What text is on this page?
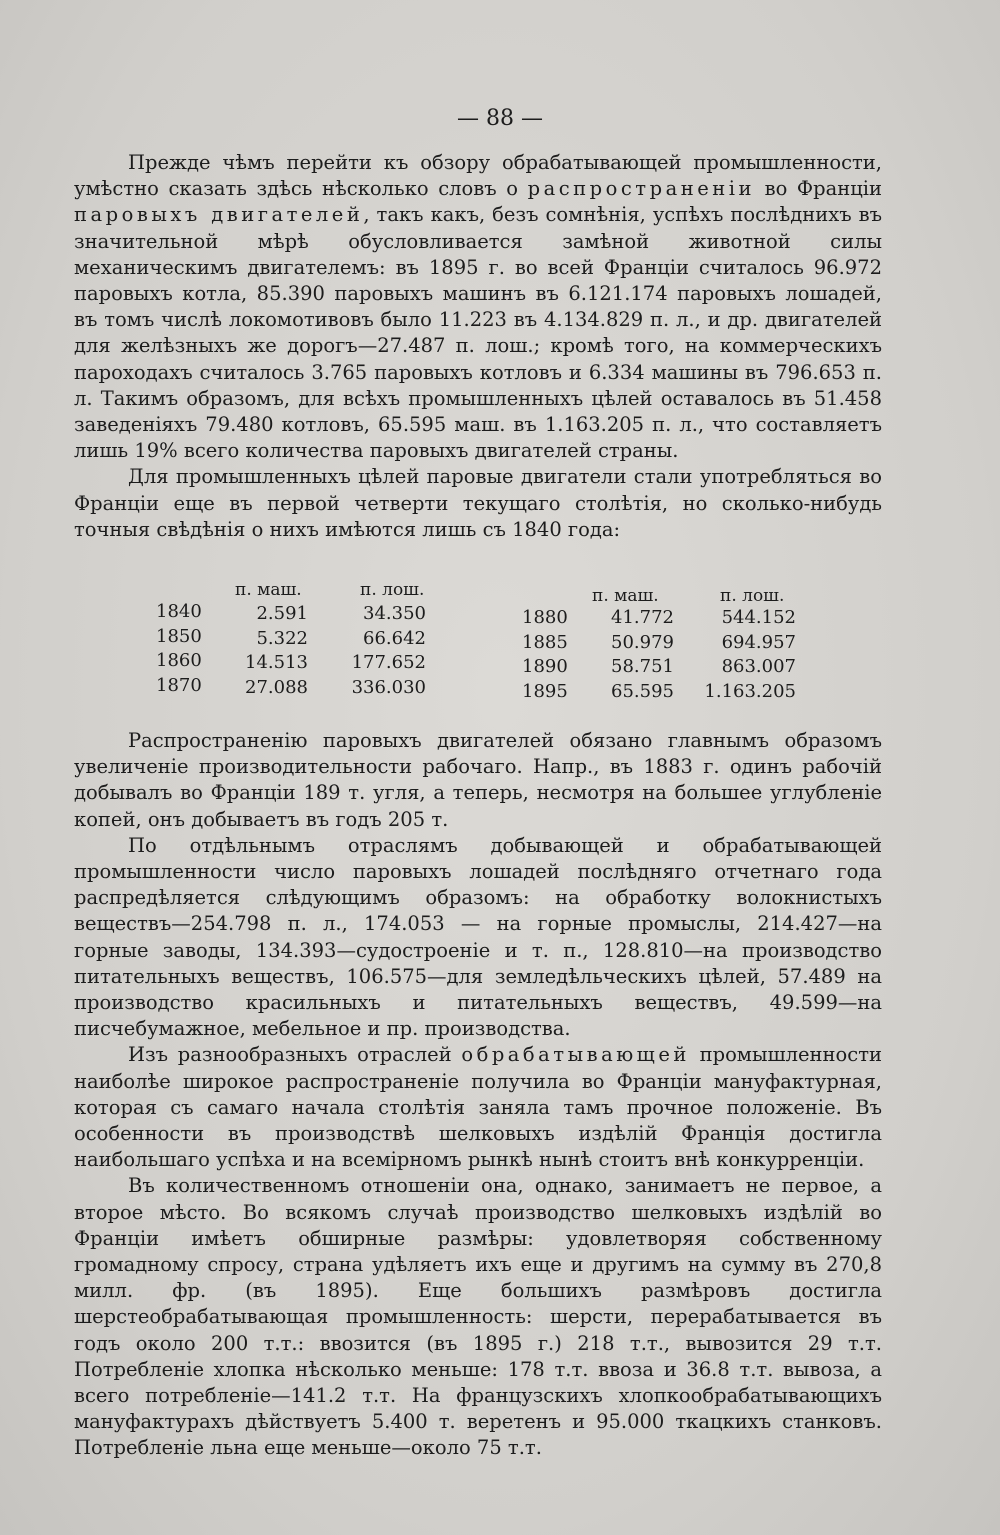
— 88 —

Прежде чѣмъ перейти къ обзору обрабатывающей промышленности, умѣстно сказать здѣсь нѣсколько словъ о распространенiи во Францiи паровыхъ двигателей, такъ какъ, безъ сомнѣнія, успѣхъ послѣднихъ въ значительной мѣрѣ обусловливается замѣной животной силы механическимъ двигателемъ: въ 1895 г. во всей Франціи считалось 96.972 паровыхъ котла, 85.390 паровыхъ машинъ въ 6.121.174 паровыхъ лошадей, въ томъ числѣ локомотивовъ было 11.223 въ 4.134.829 п. л., и др. двигателей для желѣзныхъ же дорогъ—27.487 п. лош.; кромѣ того, на коммерческихъ пароходахъ считалось 3.765 паровыхъ котловъ и 6.334 машины въ 796.653 п. л. Такимъ образомъ, для всѣхъ промышленныхъ цѣлей оставалось въ 51.458 заведеніяхъ 79.480 котловъ, 65.595 маш. въ 1.163.205 п. л., что составляетъ лишь 19% всего количества паровыхъ двигателей страны.

Для промышленныхъ цѣлей паровые двигатели стали употребляться во Франціи еще въ первой четверти текущаго столѣтія, но сколько-нибудь точныя свѣдѣнія о нихъ имѣются лишь съ 1840 года:

п. маш.	п. лош.
1840
1850
1860
1870
2.591
5.322
14.513
27.088
34.350
66.642
177.652
336.030
п. маш.	п. лош.
1880
1885
1890
1895
41.772
50.979
58.751
65.595
544.152
694.957
863.007
1.163.205

Распространенію паровыхъ двигателей обязано главнымъ образомъ увеличеніе производительности рабочаго. Напр., въ 1883 г. одинъ рабочій добывалъ во Франціи 189 т. угля, а теперь, несмотря на большее углубленіе копей, онъ добываетъ въ годъ 205 т.

По отдѣльнымъ отраслямъ добывающей и обрабатывающей промышленности число паровыхъ лошадей послѣдняго отчетнаго года распредѣляется слѣдующимъ образомъ: на обработку волокнистыхъ веществъ—254.798 п. л., 174.053 — на горные промыслы, 214.427—на горные заводы, 134.393—судостроеніе и т. п., 128.810—на производство питательныхъ веществъ, 106.575—для земледѣльческихъ цѣлей, 57.489 на производство красильныхъ и питательныхъ веществъ, 49.599—на писчебумажное, мебельное и пр. производства.

Изъ разнообразныхъ отраслей обрабатывающей промышленности наиболѣе широкое распространеніе получила во Франціи мануфактурная, которая съ самаго начала столѣтія заняла тамъ прочное положеніе. Въ особенности въ производствѣ шелковыхъ издѣлій Франція достигла наибольшаго успѣха и на всемірномъ рынкѣ нынѣ стоитъ внѣ конкурренціи.

Въ количественномъ отношеніи она, однако, занимаетъ не первое, а второе мѣсто. Во всякомъ случаѣ производство шелковыхъ издѣлій во Франціи имѣетъ обширные размѣры: удовлетворяя собственному громадному спросу, страна удѣляетъ ихъ еще и другимъ на сумму въ 270,8 милл. фр. (въ 1895). Еще большихъ размѣровъ достигла шерстеобрабатывающая промышленность: шерсти, перерабатывается въ годъ около 200 т.т.: ввозится (въ 1895 г.) 218 т.т., вывозится 29 т.т. Потребленіе хлопка нѣсколько меньше: 178 т.т. ввоза и 36.8 т.т. вывоза, а всего потребленіе—141.2 т.т. На французскихъ хлопкообрабатывающихъ мануфактурахъ дѣйствуетъ 5.400 т. веретенъ и 95.000 ткацкихъ станковъ. Потребленіе льна еще меньше—около 75 т.т.
